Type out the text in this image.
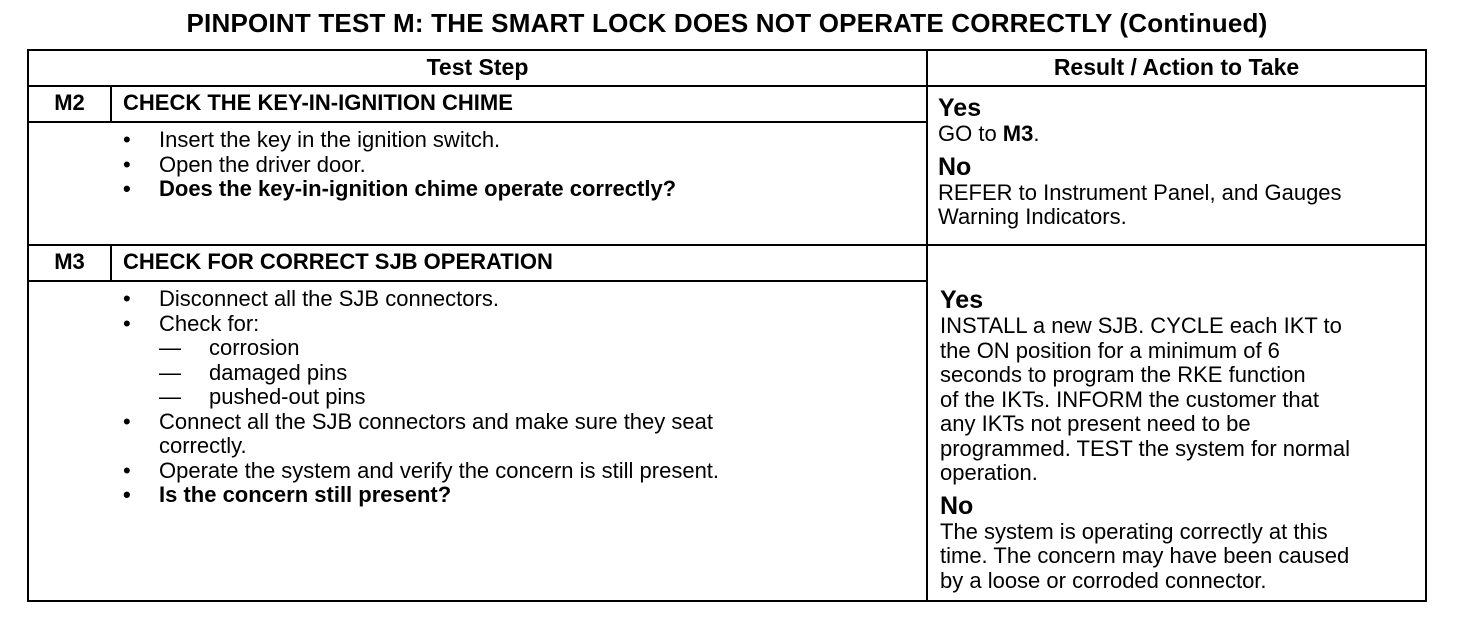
PINPOINT TEST M: THE SMART LOCK DOES NOT OPERATE CORRECTLY (Continued)
Test Step	Result / Action to Take
M2	CHECK THE KEY-IN-IGNITION CHIME
• Insert the key in the ignition switch.
• Open the driver door.
• Does the key-in-ignition chime operate correctly?
Yes
GO to M3.
No
REFER to Instrument Panel, and Gauges Warning Indicators.
M3	CHECK FOR CORRECT SJB OPERATION
• Disconnect all the SJB connectors.
• Check for:
— corrosion
— damaged pins
— pushed-out pins
• Connect all the SJB connectors and make sure they seat
correctly.
• Operate the system and verify the concern is still present.
• Is the concern still present?
Yes
INSTALL a new SJB. CYCLE each IKT to
the ON position for a minimum of 6
seconds to program the RKE function
of the IKTs. INFORM the customer that
any IKTs not present need to be
programmed. TEST the system for normal
operation.
No
The system is operating correctly at this
time. The concern may have been caused
by a loose or corroded connector.
